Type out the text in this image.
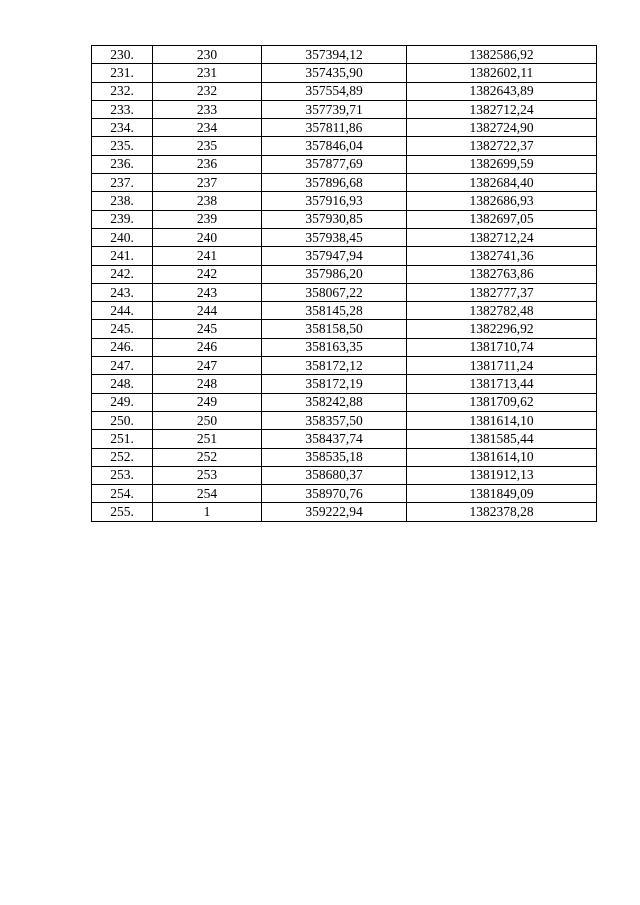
230.	230	357394,12	1382586,92
231.	231	357435,90	1382602,11
232.	232	357554,89	1382643,89
233.	233	357739,71	1382712,24
234.	234	357811,86	1382724,90
235.	235	357846,04	1382722,37
236.	236	357877,69	1382699,59
237.	237	357896,68	1382684,40
238.	238	357916,93	1382686,93
239.	239	357930,85	1382697,05
240.	240	357938,45	1382712,24
241.	241	357947,94	1382741,36
242.	242	357986,20	1382763,86
243.	243	358067,22	1382777,37
244.	244	358145,28	1382782,48
245.	245	358158,50	1382296,92
246.	246	358163,35	1381710,74
247.	247	358172,12	1381711,24
248.	248	358172,19	1381713,44
249.	249	358242,88	1381709,62
250.	250	358357,50	1381614,10
251.	251	358437,74	1381585,44
252.	252	358535,18	1381614,10
253.	253	358680,37	1381912,13
254.	254	358970,76	1381849,09
255.	1	359222,94	1382378,28
